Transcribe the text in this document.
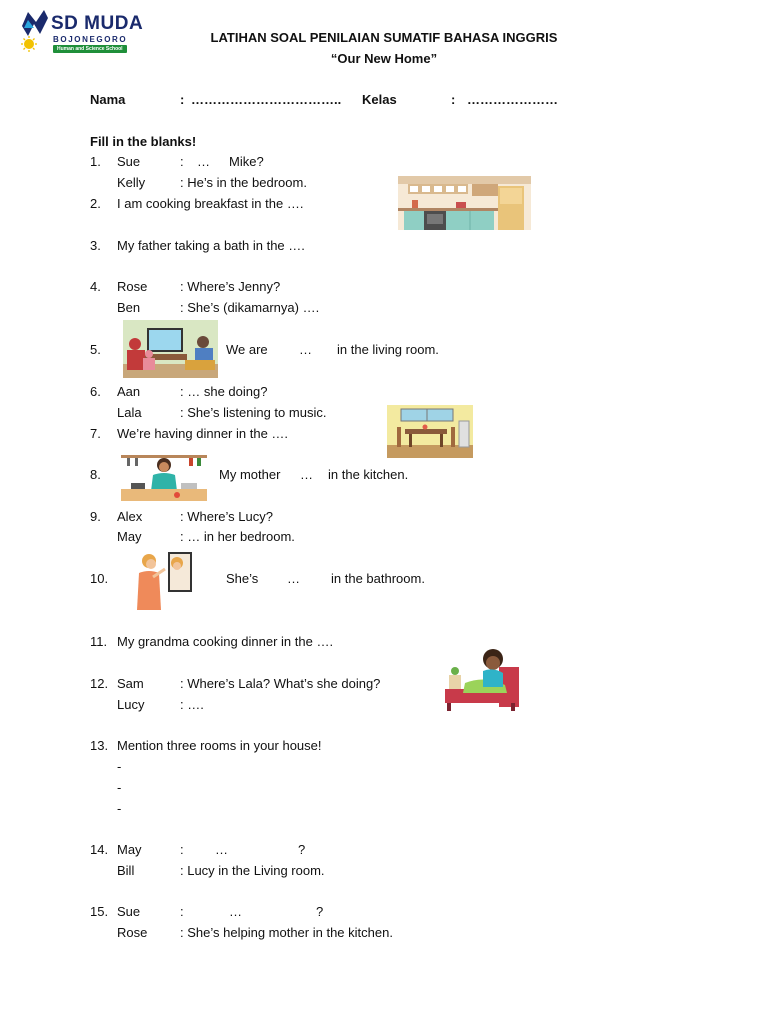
SD MUDA
BOJONEGORO
Human and Science School
LATIHAN SOAL PENILAIAN SUMATIF BAHASA INGGRIS
“Our New Home”
Nama	: …………………………….. Kelas	: …………………
Fill in the blanks!
1. Sue	: … Mike?
Kelly	: He’s in the bedroom.
2. I am cooking breakfast in the ….
3. My father taking a bath in the ….
4. Rose	: Where’s Jenny?
Ben	: She’s (dikamarnya) ….
5.	We are … in the living room.
6. Aan	: … she doing?
Lala	: She’s listening to music.
7. We’re having dinner in the ….
8.	My mother … in the kitchen.
9. Alex	: Where’s Lucy?
May	: … in her bedroom.
10.	She’s … in the bathroom.
11. My grandma cooking dinner in the ….
12. Sam	: Where’s Lala? What’s she doing?
Lucy	: ….
13. Mention three rooms in your house!
-
-
-
14. May	: …	?
Bill	: Lucy in the Living room.
15. Sue	:	…	?
Rose	: She’s helping mother in the kitchen.
